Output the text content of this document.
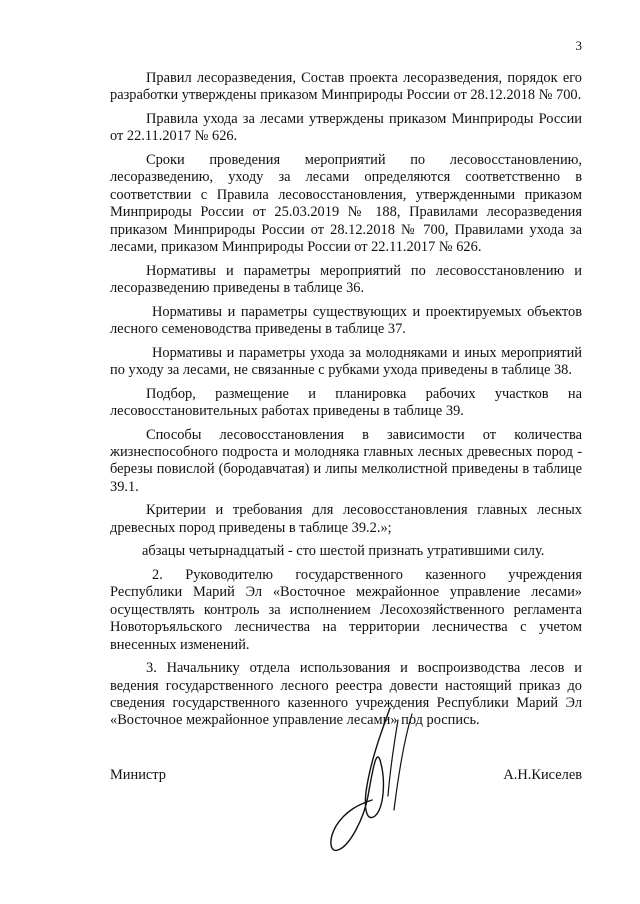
3

Правил лесоразведения, Состав проекта лесоразведения, порядок его разработки утверждены приказом Минприроды России от 28.12.2018 № 700.

Правила ухода за лесами утверждены приказом Минприроды России от 22.11.2017 № 626.

Сроки проведения мероприятий по лесовосстановлению, лесоразведению, уходу за лесами определяются соответственно в соответствии с Правила лесовосстановления, утвержденными приказом Минприроды России от 25.03.2019 № 188, Правилами лесоразведения приказом Минприроды России от 28.12.2018 № 700, Правилами ухода за лесами, приказом Минприроды России от 22.11.2017 № 626.

Нормативы и параметры мероприятий по лесовосстановлению и лесоразведению приведены в таблице 36.

Нормативы и параметры существующих и проектируемых объектов лесного семеноводства приведены в таблице 37.

Нормативы и параметры ухода за молодняками и иных мероприятий по уходу за лесами, не связанные с рубками ухода приведены в таблице 38.

Подбор, размещение и планировка рабочих участков на лесовосстановительных работах приведены в таблице 39.

Способы лесовосстановления в зависимости от количества жизнеспособного подроста и молодняка главных лесных древесных пород - березы повислой (бородавчатая) и липы мелколистной приведены в таблице 39.1.

Критерии и требования для лесовосстановления главных лесных древесных пород приведены в таблице 39.2.»;

абзацы четырнадцатый - сто шестой признать утратившими силу.

2. Руководителю государственного казенного учреждения Республики Марий Эл «Восточное межрайонное управление лесами» осуществлять контроль за исполнением Лесохозяйственного регламента Новоторъяльского лесничества на территории лесничества с учетом внесенных изменений.

3. Начальнику отдела использования и воспроизводства лесов и ведения государственного лесного реестра довести настоящий приказ до сведения государственного казенного учреждения Республики Марий Эл «Восточное межрайонное управление лесами» под роспись.

Министр	А.Н.Киселев
